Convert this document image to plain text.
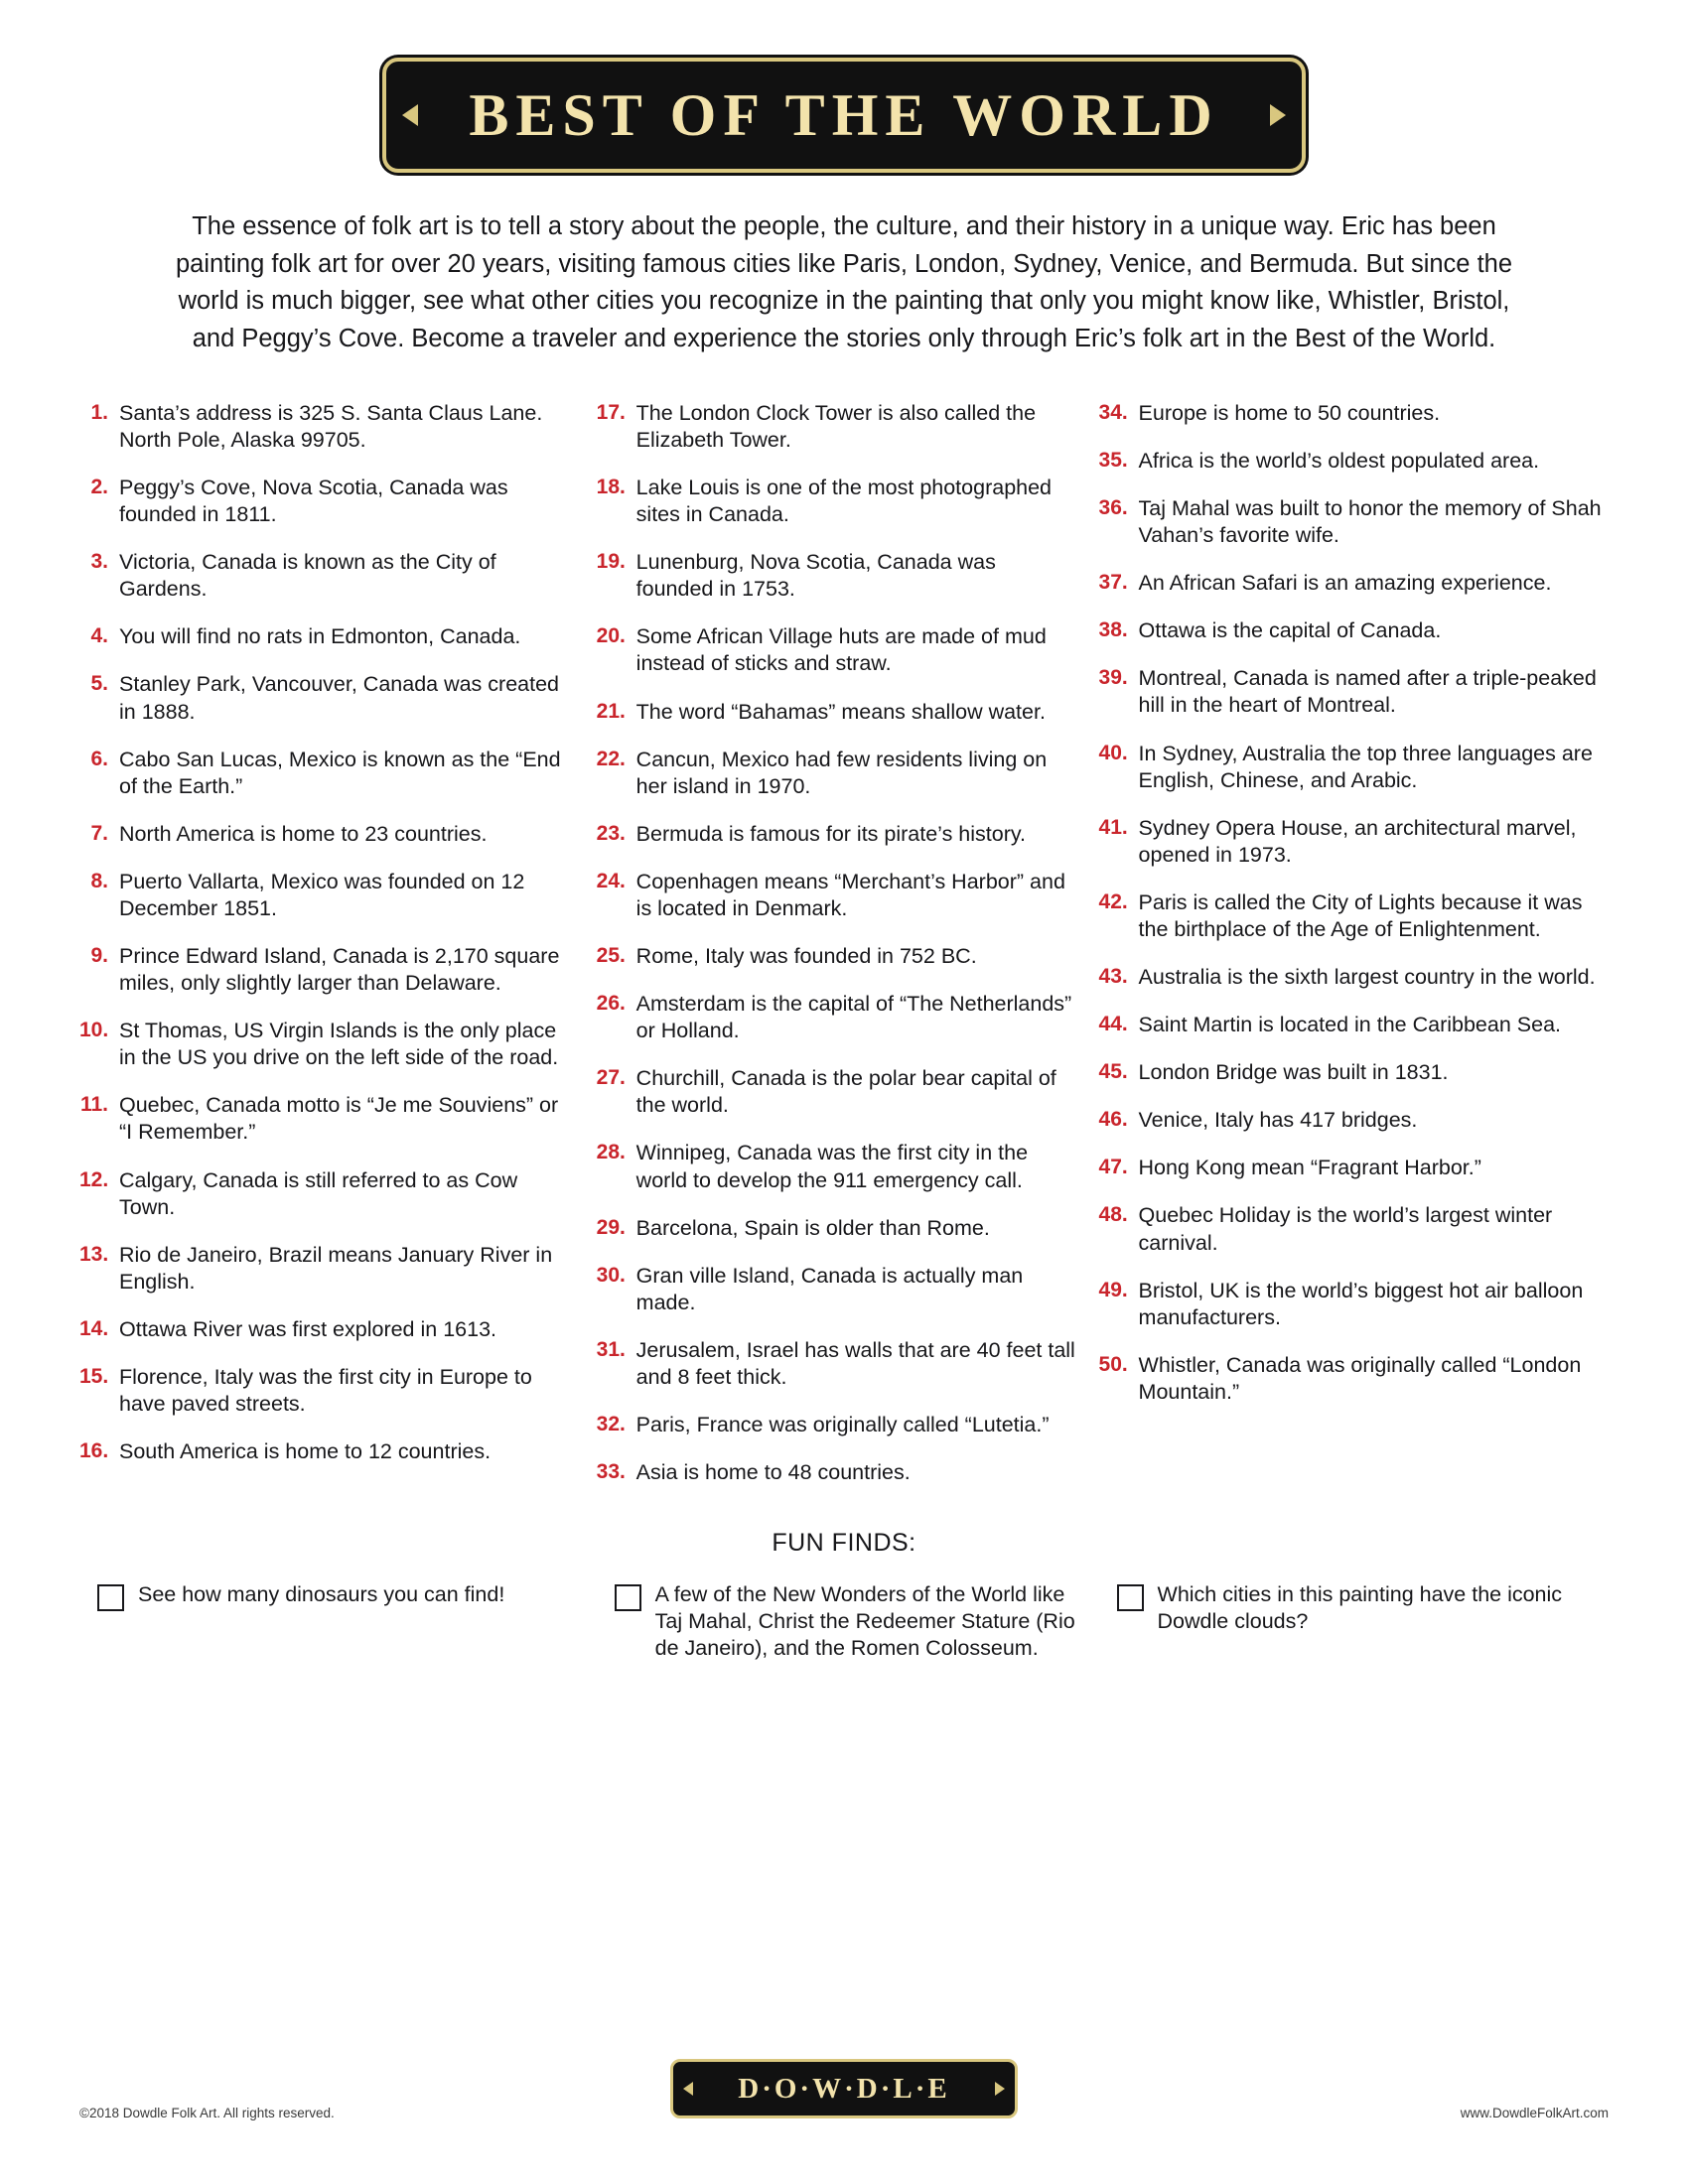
BEST OF THE WORLD

The essence of folk art is to tell a story about the people, the culture, and their history in a unique way. Eric has been painting folk art for over 20 years, visiting famous cities like Paris, London, Sydney, Venice, and Bermuda. But since the world is much bigger, see what other cities you recognize in the painting that only you might know like, Whistler, Bristol, and Peggy’s Cove. Become a traveler and experience the stories only through Eric’s folk art in the Best of the World.

1. Santa’s address is 325 S. Santa Claus Lane. North Pole, Alaska 99705.
2. Peggy’s Cove, Nova Scotia, Canada was founded in 1811.
3. Victoria, Canada is known as the City of Gardens.
4. You will find no rats in Edmonton, Canada.
5. Stanley Park, Vancouver, Canada was created in 1888.
6. Cabo San Lucas, Mexico is known as the “End of the Earth.”
7. North America is home to 23 countries.
8. Puerto Vallarta, Mexico was founded on 12 December 1851.
9. Prince Edward Island, Canada is 2,170 square miles, only slightly larger than Delaware.
10. St Thomas, US Virgin Islands is the only place in the US you drive on the left side of the road.
11. Quebec, Canada motto is “Je me Souviens” or “I Remember.”
12. Calgary, Canada is still referred to as Cow Town.
13. Rio de Janeiro, Brazil means January River in English.
14. Ottawa River was first explored in 1613.
15. Florence, Italy was the first city in Europe to have paved streets.
16. South America is home to 12 countries.
17. The London Clock Tower is also called the Elizabeth Tower.
18. Lake Louis is one of the most photographed sites in Canada.
19. Lunenburg, Nova Scotia, Canada was founded in 1753.
20. Some African Village huts are made of mud instead of sticks and straw.
21. The word “Bahamas” means shallow water.
22. Cancun, Mexico had few residents living on her island in 1970.
23. Bermuda is famous for its pirate’s history.
24. Copenhagen means “Merchant’s Harbor” and is located in Denmark.
25. Rome, Italy was founded in 752 BC.
26. Amsterdam is the capital of “The Netherlands” or Holland.
27. Churchill, Canada is the polar bear capital of the world.
28. Winnipeg, Canada was the first city in the world to develop the 911 emergency call.
29. Barcelona, Spain is older than Rome.
30. Gran ville Island, Canada is actually man made.
31. Jerusalem, Israel has walls that are 40 feet tall and 8 feet thick.
32. Paris, France was originally called “Lutetia.”
33. Asia is home to 48 countries.
34. Europe is home to 50 countries.
35. Africa is the world’s oldest populated area.
36. Taj Mahal was built to honor the memory of Shah Vahan’s favorite wife.
37. An African Safari is an amazing experience.
38. Ottawa is the capital of Canada.
39. Montreal, Canada is named after a triple-peaked hill in the heart of Montreal.
40. In Sydney, Australia the top three languages are English, Chinese, and Arabic.
41. Sydney Opera House, an architectural marvel, opened in 1973.
42. Paris is called the City of Lights because it was the birthplace of the Age of Enlightenment.
43. Australia is the sixth largest country in the world.
44. Saint Martin is located in the Caribbean Sea.
45. London Bridge was built in 1831.
46. Venice, Italy has 417 bridges.
47. Hong Kong mean “Fragrant Harbor.”
48. Quebec Holiday is the world’s largest winter carnival.
49. Bristol, UK is the world’s biggest hot air balloon manufacturers.
50. Whistler, Canada was originally called “London Mountain.”
FUN FINDS:
See how many dinosaurs you can find!	A few of the New Wonders of the World like Taj Mahal, Christ the Redeemer Stature (Rio de Janeiro), and the Romen Colosseum.
Which cities in this painting have the iconic Dowdle clouds?
D·O·W·D·L·E
©2018 Dowdle Folk Art. All rights reserved.	www.DowdleFolkArt.com
